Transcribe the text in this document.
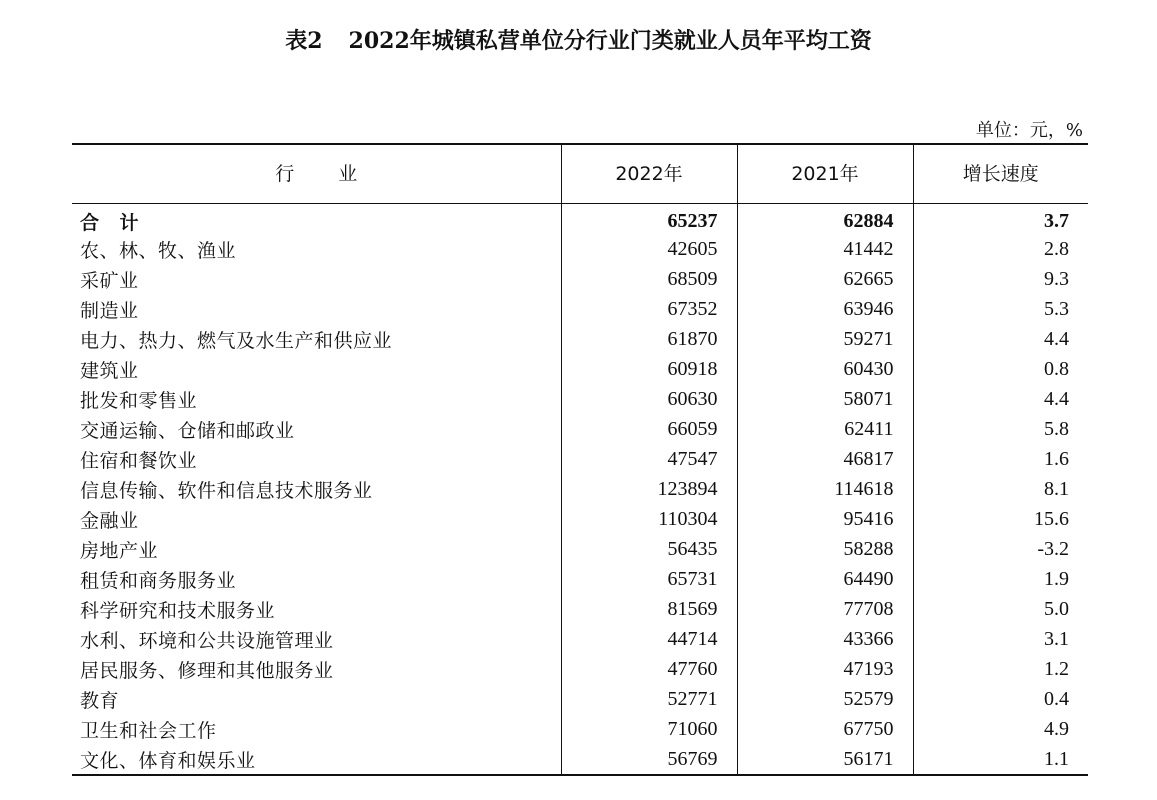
表2 2022年城镇私营单位分行业门类就业人员年平均工资
单位：元，%
行 业	2022年	2021年	增长速度
合 计	65237	62884	3.7
农、林、牧、渔业	42605	41442	2.8
采矿业	68509	62665	9.3
制造业	67352	63946	5.3
电力、热力、燃气及水生产和供应业	61870	59271	4.4
建筑业	60918	60430	0.8
批发和零售业	60630	58071	4.4
交通运输、仓储和邮政业	66059	62411	5.8
住宿和餐饮业	47547	46817	1.6
信息传输、软件和信息技术服务业	123894	114618	8.1
金融业	110304	95416	15.6
房地产业	56435	58288	-3.2
租赁和商务服务业	65731	64490	1.9
科学研究和技术服务业	81569	77708	5.0
水利、环境和公共设施管理业	44714	43366	3.1
居民服务、修理和其他服务业	47760	47193	1.2
教育	52771	52579	0.4
卫生和社会工作	71060	67750	4.9
文化、体育和娱乐业	56769	56171	1.1
